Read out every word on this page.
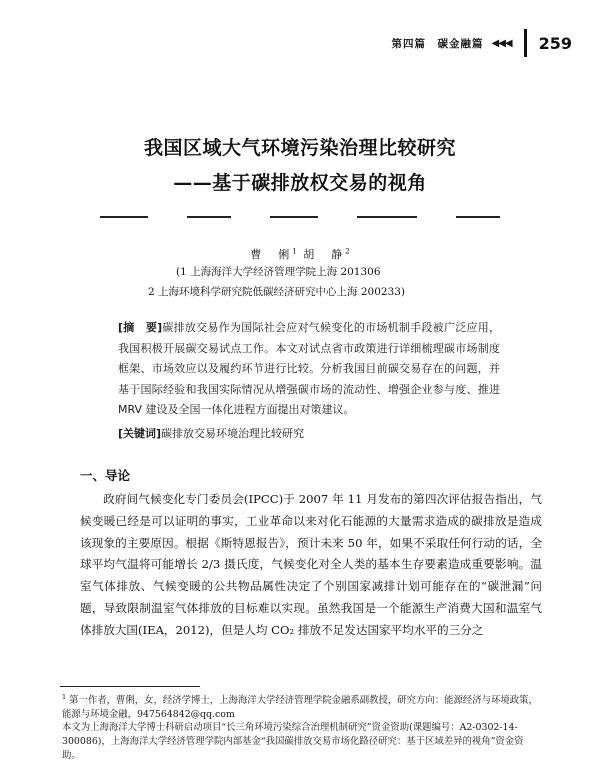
第四篇　碳金融篇 ◀◀◀ 259
我国区域大气环境污染治理比较研究
——基于碳排放权交易的视角
曹　俐$^1$ 胡　静$^2$
(1 上海海洋大学经济管理学院上海 201306
2 上海环境科学研究院低碳经济研究中心上海 200233)
[摘　要]碳排放交易作为国际社会应对气候变化的市场机制手段被广泛应用，我国积极开展碳交易试点工作。本文对试点省市政策进行详细梳理碳市场制度框架、市场效应以及履约环节进行比较。分析我国目前碳交易存在的问题，并基于国际经验和我国实际情况从增强碳市场的流动性、增强企业参与度、推进 MRV 建设及全国一体化进程方面提出对策建议。
[关键词]碳排放交易环境治理比较研究
一、导论
政府间气候变化专门委员会(IPCC)于 2007 年 11 月发布的第四次评估报告指出，气候变暖已经是可以证明的事实，工业革命以来对化石能源的大量需求造成的碳排放是造成该现象的主要原因。根据《斯特恩报告》，预计未来 50 年，如果不采取任何行动的话，全球平均气温将可能增长 2/3 摄氏度，气候变化对全人类的基本生存要素造成重要影响。温室气体排放、气候变暖的公共物品属性决定了个别国家减排计划可能存在的“碳泄漏”问题，导致限制温室气体排放的目标难以实现。虽然我国是一个能源生产消费大国和温室气体排放大国(IEA，2012)，但是人均 CO₂ 排放不足发达国家平均水平的三分之
$^1$ 第一作者，曹俐，女，经济学博士，上海海洋大学经济管理学院金融系副教授，研究方向：能源经济与环境政策，能源与环境金融，947564842@qq.com
本文为上海海洋大学博士科研启动项目“长三角环境污染综合治理机制研究”资金资助(课题编号：A2-0302-14-300086)，上海海洋大学经济管理学院内部基金“我国碳排放交易市场化路径研究：基于区域差异的视角”资金资助。
